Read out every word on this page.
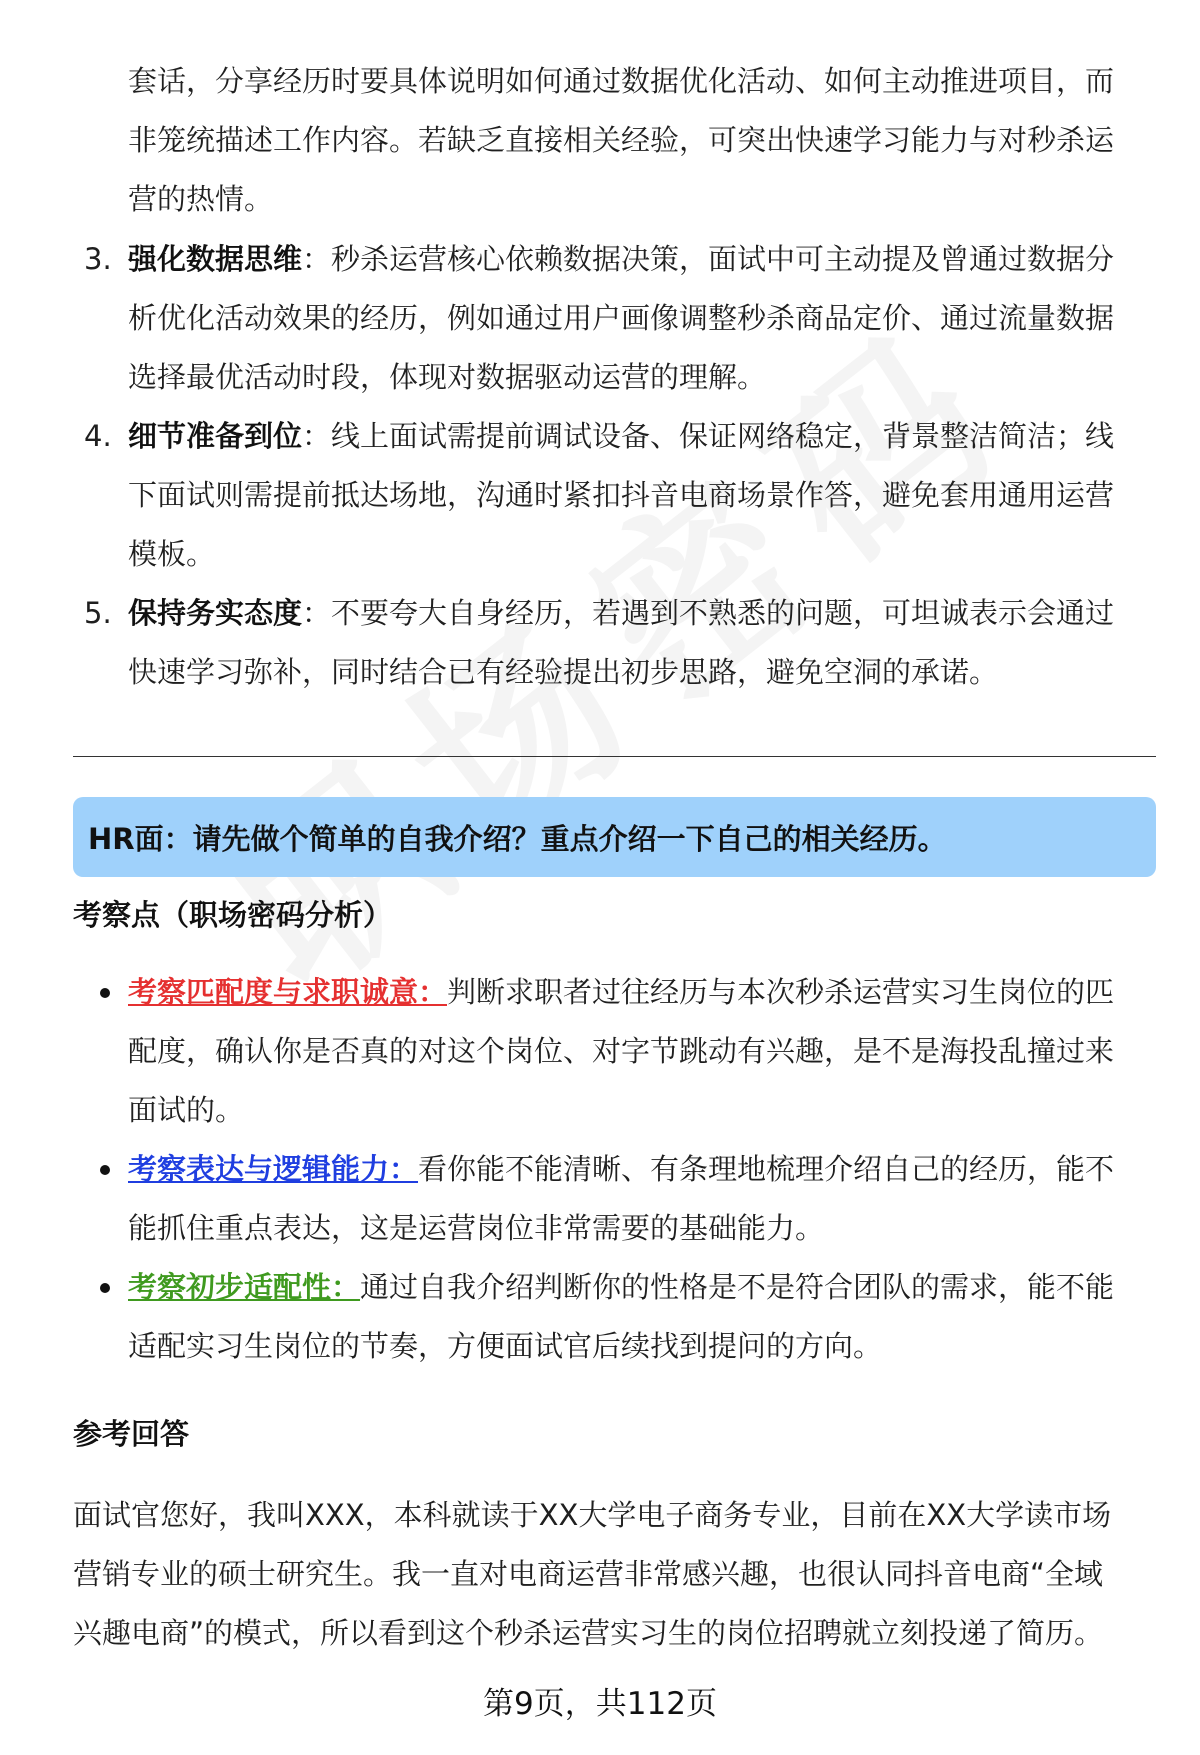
套话，分享经历时要具体说明如何通过数据优化活动、如何主动推进项目，而
非笼统描述工作内容。若缺乏直接相关经验，可突出快速学习能力与对秒杀运
营的热情。
3. 强化数据思维：秒杀运营核心依赖数据决策，面试中可主动提及曾通过数据分
析优化活动效果的经历，例如通过用户画像调整秒杀商品定价、通过流量数据
选择最优活动时段，体现对数据驱动运营的理解。
4. 细节准备到位：线上面试需提前调试设备、保证网络稳定，背景整洁简洁；线
下面试则需提前抵达场地，沟通时紧扣抖音电商场景作答，避免套用通用运营
模板。
5. 保持务实态度：不要夸大自身经历，若遇到不熟悉的问题，可坦诚表示会通过
快速学习弥补，同时结合已有经验提出初步思路，避免空洞的承诺。
HR面：请先做个简单的自我介绍？重点介绍一下自己的相关经历。
考察点（职场密码分析）
考察匹配度与求职诚意：判断求职者过往经历与本次秒杀运营实习生岗位的匹
配度，确认你是否真的对这个岗位、对字节跳动有兴趣，是不是海投乱撞过来
面试的。
考察表达与逻辑能力：看你能不能清晰、有条理地梳理介绍自己的经历，能不
能抓住重点表达，这是运营岗位非常需要的基础能力。
考察初步适配性：通过自我介绍判断你的性格是不是符合团队的需求，能不能
适配实习生岗位的节奏，方便面试官后续找到提问的方向。
参考回答
面试官您好，我叫XXX，本科就读于XX大学电子商务专业，目前在XX大学读市场
营销专业的硕士研究生。我一直对电商运营非常感兴趣，也很认同抖音电商“全域
兴趣电商”的模式，所以看到这个秒杀运营实习生的岗位招聘就立刻投递了简历。
第9页，共112页
